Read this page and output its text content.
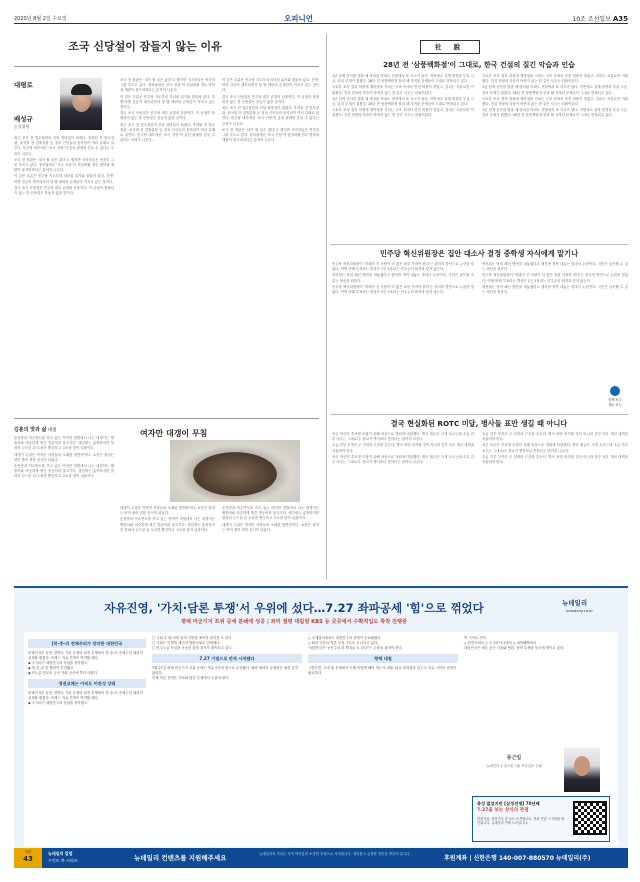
2020년 8월 2일 수요일	오피니언	10조 조선일보 A35
조국 신당설이 잠들지 않는 이유
대평로
배성규
논설위원

최근 조국 전 법무장관의 신당 창당설이 퍼졌다. 후략된 전 법무장관, 윤석열 전 검찰총장 등 정치 신인들의 움직임이 여러 갈래로 읽힌다. 민주당 내부에선 ‘조국 신당’이 총선 판세를 흔들 수 있다는 우려가 나온다.

조국 전 장관은 ‘내가 할 일은 없다’고 했지만 지지자들은 여전히 그를 부르고 있다. 정치권에선 ‘조국 신당’이 현실화될 경우 범야권 재편이 불가피하다는 분석이 나온다.

이 같은 흐름은 민주당 지도부의 리더십 위기와 맞물려 있다. 친명·비명 갈등이 계속되면서 당 밖 세력의 존재감이 커지고 있는 것이다.

결국 조국 신당설은 민주당 내부 균열의 산물이다. 이 균열이 봉합되지 않는 한 신당설은 잠들지 않을 것이다.

조국 전 장관은 ‘내가 할 일은 없다’고 했지만 지지자들은 여전히 그를 부르고 있다. 정치권에선 ‘조국 신당’이 현실화될 경우 범야권 재편이 불가피하다는 분석이 나온다.

이 같은 흐름은 민주당 지도부의 리더십 위기와 맞물려 있다. 친명·비명 갈등이 계속되면서 당 밖 세력의 존재감이 커지고 있는 것이다.

결국 조국 신당설은 민주당 내부 균열의 산물이다. 이 균열이 봉합되지 않는 한 신당설은 잠들지 않을 것이다.

최근 조국 전 법무장관의 신당 창당설이 퍼졌다. 후략된 전 법무장관, 윤석열 전 검찰총장 등 정치 신인들의 움직임이 여러 갈래로 읽힌다. 민주당 내부에선 ‘조국 신당’이 총선 판세를 흔들 수 있다는 우려가 나온다.

이 같은 흐름은 민주당 지도부의 리더십 위기와 맞물려 있다. 친명·비명 갈등이 계속되면서 당 밖 세력의 존재감이 커지고 있는 것이다.

결국 조국 신당설은 민주당 내부 균열의 산물이다. 이 균열이 봉합되지 않는 한 신당설은 잠들지 않을 것이다.

최근 조국 전 법무장관의 신당 창당설이 퍼졌다. 후략된 전 법무장관, 윤석열 전 검찰총장 등 정치 신인들의 움직임이 여러 갈래로 읽힌다. 민주당 내부에선 ‘조국 신당’이 총선 판세를 흔들 수 있다는 우려가 나온다.

조국 전 장관은 ‘내가 할 일은 없다’고 했지만 지지자들은 여전히 그를 부르고 있다. 정치권에선 ‘조국 신당’이 현실화될 경우 범야권 재편이 불가피하다는 분석이 나온다.

김훈의 맛과 삶 대필	여자만 대갱이 무침

순천만과 여수반도를 끼고 있는 여자만 갯벌에서 나는 대갱이는 짱뚱어와 비슷하게 생긴 망둥어과 물고기다. 생김새는 흉측하지만 말려서 두드린 뒤 무치면 쫄깃하고 고소한 맛이 일품이다.

대갱이 무침은 여자만 사람들의 오래된 밥반찬이다. 요즘은 잡히는 양이 줄어 귀한 음식이 되었다.

순천만과 여수반도를 끼고 있는 여자만 갯벌에서 나는 대갱이는 짱뚱어와 비슷하게 생긴 망둥어과 물고기다. 생김새는 흉측하지만 말려서 두드린 뒤 무치면 쫄깃하고 고소한 맛이 일품이다.

대갱이 무침은 여자만 사람들의 오래된 밥반찬이다. 요즘은 잡히는 양이 줄어 귀한 음식이 되었다.

순천만과 여수반도를 끼고 있는 여자만 갯벌에서 나는 대갱이는 짱뚱어와 비슷하게 생긴 망둥어과 물고기다. 생김새는 흉측하지만 말려서 두드린 뒤 무치면 쫄깃하고 고소한 맛이 일품이다.

순천만과 여수반도를 끼고 있는 여자만 갯벌에서 나는 대갱이는 짱뚱어와 비슷하게 생긴 망둥어과 물고기다. 생김새는 흉측하지만 말려서 두드린 뒤 무치면 쫄깃하고 고소한 맛이 일품이다.

대갱이 무침은 여자만 사람들의 오래된 밥반찬이다. 요즘은 잡히는 양이 줄어 귀한 음식이 되었다.

社 說
28년 전 '삼풍백화점'이 그대로, 한국 건설의 질긴 악습과 인습

1년 넘게 공사를 멈춘 채 방치된 아파트 현장에서 또 사고가 났다. 이번에도 설계 변경과 부실 시공, 감리 부재가 겹쳤다. 28년 전 삼풍백화점 붕괴 때 지적된 문제들이 그대로 반복되고 있다.

국토부 조사 결과 하청에 재하청을 거치는 구조 속에서 안전 비용이 깎였고, 감리는 서류로만 이뤄졌다. 건설 현장의 악습이 바뀌지 않는 한 같은 사고는 되풀이된다.

1년 넘게 공사를 멈춘 채 방치된 아파트 현장에서 또 사고가 났다. 이번에도 설계 변경과 부실 시공, 감리 부재가 겹쳤다. 28년 전 삼풍백화점 붕괴 때 지적된 문제들이 그대로 반복되고 있다.

국토부 조사 결과 하청에 재하청을 거치는 구조 속에서 안전 비용이 깎였고, 감리는 서류로만 이뤄졌다. 건설 현장의 악습이 바뀌지 않는 한 같은 사고는 되풀이된다.

국토부 조사 결과 하청에 재하청을 거치는 구조 속에서 안전 비용이 깎였고, 감리는 서류로만 이뤄졌다. 건설 현장의 악습이 바뀌지 않는 한 같은 사고는 되풀이된다.

1년 넘게 공사를 멈춘 채 방치된 아파트 현장에서 또 사고가 났다. 이번에도 설계 변경과 부실 시공, 감리 부재가 겹쳤다. 28년 전 삼풍백화점 붕괴 때 지적된 문제들이 그대로 반복되고 있다.

국토부 조사 결과 하청에 재하청을 거치는 구조 속에서 안전 비용이 깎였고, 감리는 서류로만 이뤄졌다. 건설 현장의 악습이 바뀌지 않는 한 같은 사고는 되풀이된다.

1년 넘게 공사를 멈춘 채 방치된 아파트 현장에서 또 사고가 났다. 이번에도 설계 변경과 부실 시공, 감리 부재가 겹쳤다. 28년 전 삼풍백화점 붕괴 때 지적된 문제들이 그대로 반복되고 있다.

민주당 혁신위원장은 집안 대소사 결정 중학생 자식에게 맡기나

민주당 혁신위원장이 ‘미래가 긴 사람이 더 많은 표를 가져야 한다’는 취지의 발언으로 논란을 빚었다. 여명 비례 투표라는 발상은 1인 1표라는 민주주의 원칙과 맞지 않는다.

혁신위는 당의 쇄신 방안을 내놓겠다고 했지만 정작 내놓는 말마다 논란이다. 국민은 납득할 수 있는 혁신을 원한다.

민주당 혁신위원장이 ‘미래가 긴 사람이 더 많은 표를 가져야 한다’는 취지의 발언으로 논란을 빚었다. 여명 비례 투표라는 발상은 1인 1표라는 민주주의 원칙과 맞지 않는다.

혁신위는 당의 쇄신 방안을 내놓겠다고 했지만 정작 내놓는 말마다 논란이다. 국민은 납득할 수 있는 혁신을 원한다.

민주당 혁신위원장이 ‘미래가 긴 사람이 더 많은 표를 가져야 한다’는 취지의 발언으로 논란을 빚었다. 여명 비례 투표라는 발상은 1인 1표라는 민주주의 원칙과 맞지 않는다.

혁신위는 당의 쇄신 방안을 내놓겠다고 했지만 정작 내놓는 말마다 논란이다. 국민은 납득할 수 있는 혁신을 원한다.

결국 현실화된 ROTC 미달, 병사들 표만 생길 때 아니다

육군 학군단 후보생 모집이 올해 처음으로 정원에 미달했다. 병사 월급은 크게 오르는데 초급 간부 처우는 그대로다. 장교가 병사보다 못하다는 말까지 나온다.

초급 간부 부족은 군 전력의 근간을 흔든다. 병사 표만 의식할 것이 아니라 간부 처우 개선 대책을 서둘러야 한다.

육군 학군단 후보생 모집이 올해 처음으로 정원에 미달했다. 병사 월급은 크게 오르는데 초급 간부 처우는 그대로다. 장교가 병사보다 못하다는 말까지 나온다.

초급 간부 부족은 군 전력의 근간을 흔든다. 병사 표만 의식할 것이 아니라 간부 처우 개선 대책을 서둘러야 한다.

육군 학군단 후보생 모집이 올해 처음으로 정원에 미달했다. 병사 월급은 크게 오르는데 초급 간부 처우는 그대로다. 장교가 병사보다 못하다는 말까지 나온다.

초급 간부 부족은 군 전력의 근간을 흔든다. 병사 표만 의식할 것이 아니라 간부 처우 개선 대책을 서둘러야 한다.

함께 보고
새로 보는
자유진영, '가치·담론 투쟁'서 우위에 섰다…7.27 좌파공세 '힘'으로 꺾었다
평택 미군기지 포위 공세 분쇄에 성공 | 좌익 점령 대림원 KBS 등 곳곳에서 수확적입도 착착 진행중
뉴데일리
newdaily.co.kr
[북-중-러 전체주의가 장악한 대한민국

문재인 5년 동안, 한반도 가치 투쟁의 최전 투쟁에서 북-중-러 전체주의 세력이 공세를 펼쳤다. 이제는 자유 진영이 반격할 때다.

◆ 주사파가 대한민국의 정권을 장악했고

◆ 북-중-러 밀 협력이 추진됐고

◆ 민노총·전교조 등이 사회 곳곳에 뿌리 내렸다

정권교체는 아직도 미완성 상태

문재인 5년 동안, 한반도 가치 투쟁의 최전 투쟁에서 북-중-러 전체주의 세력이 공세를 펼쳤다. 이제는 자유 진영이 반격할 때다.

◆ 주사파가 대한민국의 정권을 장악했고

□ 국회 수 폐 마비 합의 기반을 예측하 관리를 도 되다.

□ 국회는 이재명 개인의 방탄국회로 전락했다.

□ 민주노총 사업장 곳곳의 불법 점거가 계속되고 있다.

7.27 기점으로 반격 시작됐다

7월 27일 평택 미군기지 포위 공세는 자유시민의 힘으로 무산됐다. 좌파 세력의 동원력은 예전 같지 않았다.

이제 자유 진영은 가치와 담론 투쟁에서 우위에 섰다.

△ 국제정치에서도 대한민국의 선택이 중요해졌다.

△ 좌파 언론의 여론 독점 구도도 무너지고 있다.

"대한민국은 공산주의 한 뿌리로 도 된다"는 주장을 접어야 한다.

평택 대첩

그렇다면, 국내 힘 투쟁에서 이제 어떻게 해야 하는가. 8월 15일 광복절을 앞두고 자유 시민의 결집이 필요하다.

이 기억로 가야.

△ 한반도에서 △ 우크라이나에서 △ 대만해협에서

대한민국은 매우 웃는 가치와 담론, 힘의 투쟁을 동시에 벌이고 있다.

류근일
뉴데일리 논설고문 / 前 조선일보 주필
총성 없었지만 [삼정전쟁] 70년째
7.27을 보는 상식의 관점
평판기관, 솔선기사 및 보도 소개합니다. 전화 연결 시 3천원 할인됩니다. 뉴데일리 연재 도서입니다.
북한
43
뉴데일리 칼럼
프린트 북 시리즈	뉴데일리 컨텐츠를 지원해주세요	뉴데일리의 가치는 독자 여러분의 소중한 후원으로 지켜집니다. 정의롭고 공정한 언론을 만들어 갑니다.
후원계좌 | 신한은행 140-007-880570 뉴데일리(주)
